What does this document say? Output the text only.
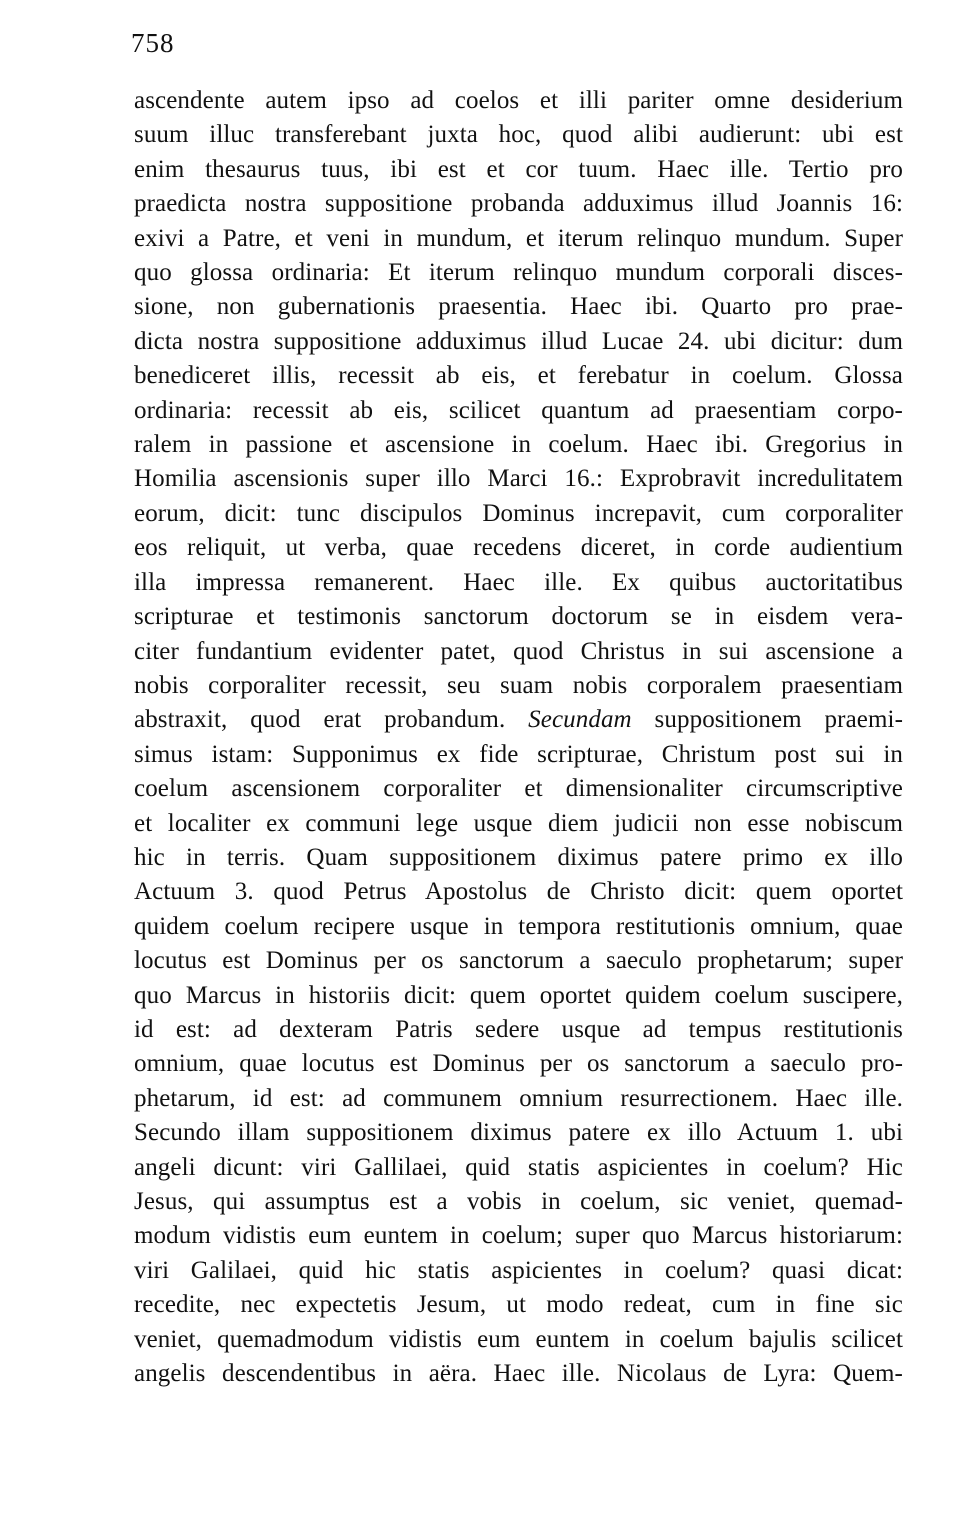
758
ascendente autem ipso ad coelos et illi pariter omne desiderium
suum illuc transferebant juxta hoc, quod alibi audierunt: ubi est
enim thesaurus tuus, ibi est et cor tuum. Haec ille. Tertio pro
praedicta nostra suppositione probanda adduximus illud Joannis 16:
exivi a Patre, et veni in mundum, et iterum relinquo mundum. Super
quo glossa ordinaria: Et iterum relinquo mundum corporali disces-
sione, non gubernationis praesentia. Haec ibi. Quarto pro prae-
dicta nostra suppositione adduximus illud Lucae 24. ubi dicitur: dum
benediceret illis, recessit ab eis, et ferebatur in coelum. Glossa
ordinaria: recessit ab eis, scilicet quantum ad praesentiam corpo-
ralem in passione et ascensione in coelum. Haec ibi. Gregorius in
Homilia ascensionis super illo Marci 16.: Exprobravit incredulitatem
eorum, dicit: tunc discipulos Dominus increpavit, cum corporaliter
eos reliquit, ut verba, quae recedens diceret, in corde audientium
illa impressa remanerent. Haec ille. Ex quibus auctoritatibus
scripturae et testimonis sanctorum doctorum se in eisdem vera-
citer fundantium evidenter patet, quod Christus in sui ascensione a
nobis corporaliter recessit, seu suam nobis corporalem praesentiam
abstraxit, quod erat probandum. Secundam suppositionem praemi-
simus istam: Supponimus ex fide scripturae, Christum post sui in
coelum ascensionem corporaliter et dimensionaliter circumscriptive
et localiter ex communi lege usque diem judicii non esse nobiscum
hic in terris. Quam suppositionem diximus patere primo ex illo
Actuum 3. quod Petrus Apostolus de Christo dicit: quem oportet
quidem coelum recipere usque in tempora restitutionis omnium, quae
locutus est Dominus per os sanctorum a saeculo prophetarum; super
quo Marcus in historiis dicit: quem oportet quidem coelum suscipere,
id est: ad dexteram Patris sedere usque ad tempus restitutionis
omnium, quae locutus est Dominus per os sanctorum a saeculo pro-
phetarum, id est: ad communem omnium resurrectionem. Haec ille.
Secundo illam suppositionem diximus patere ex illo Actuum 1. ubi
angeli dicunt: viri Gallilaei, quid statis aspicientes in coelum? Hic
Jesus, qui assumptus est a vobis in coelum, sic veniet, quemad-
modum vidistis eum euntem in coelum; super quo Marcus historiarum:
viri Galilaei, quid hic statis aspicientes in coelum? quasi dicat:
recedite, nec expectetis Jesum, ut modo redeat, cum in fine sic
veniet, quemadmodum vidistis eum euntem in coelum bajulis scilicet
angelis descendentibus in aëra. Haec ille. Nicolaus de Lyra: Quem-
